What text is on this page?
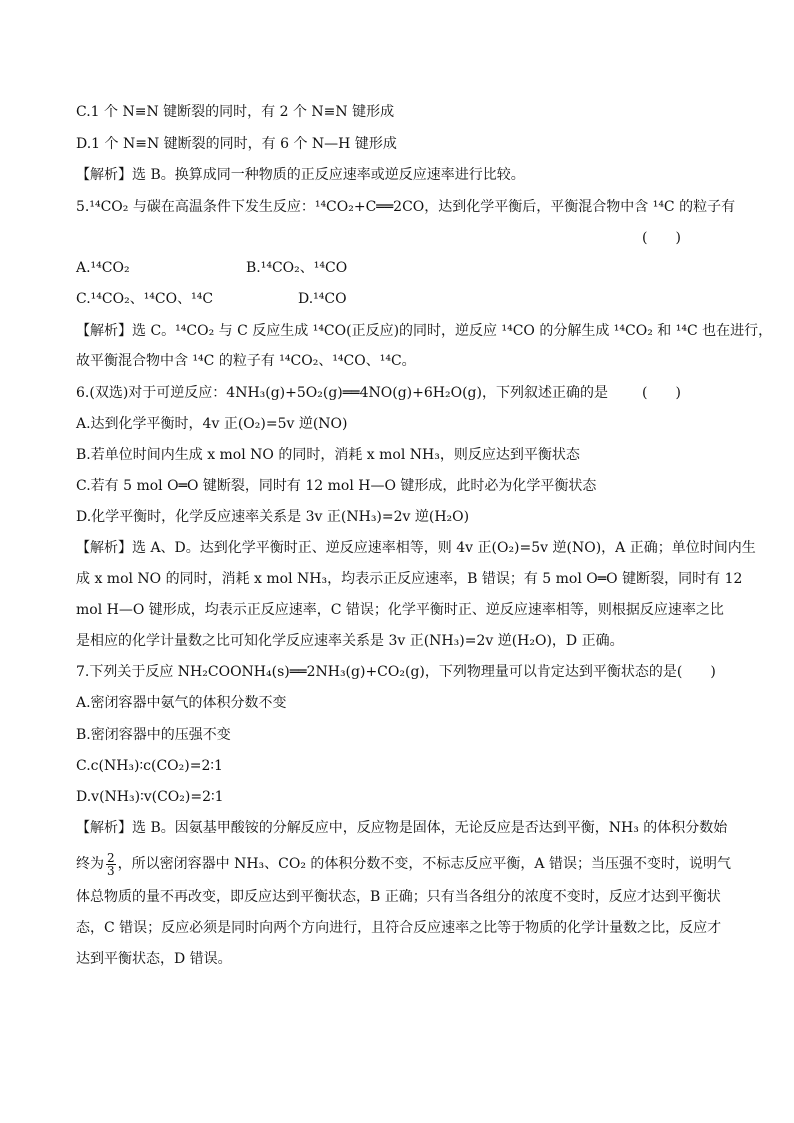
C.1 个 N≡N 键断裂的同时，有 2 个 N≡N 键形成
D.1 个 N≡N 键断裂的同时，有 6 个 N—H 键形成
【解析】选 B。换算成同一种物质的正反应速率或逆反应速率进行比较。
5.¹⁴CO₂ 与碳在高温条件下发生反应：¹⁴CO₂+C══2CO，达到化学平衡后，平衡混合物中含 ¹⁴C 的粒子有
(　　)
A.¹⁴CO₂	B.¹⁴CO₂、¹⁴CO
C.¹⁴CO₂、¹⁴CO、¹⁴C	D.¹⁴CO
【解析】选 C。¹⁴CO₂ 与 C 反应生成 ¹⁴CO(正反应)的同时，逆反应 ¹⁴CO 的分解生成 ¹⁴CO₂ 和 ¹⁴C 也在进行，
故平衡混合物中含 ¹⁴C 的粒子有 ¹⁴CO₂、¹⁴CO、¹⁴C。
6.(双选)对于可逆反应：4NH₃(g)+5O₂(g)══4NO(g)+6H₂O(g)，下列叙述正确的是	(　　)
A.达到化学平衡时，4v 正(O₂)=5v 逆(NO)
B.若单位时间内生成 x mol NO 的同时，消耗 x mol NH₃，则反应达到平衡状态
C.若有 5 mol O═O 键断裂，同时有 12 mol H—O 键形成，此时必为化学平衡状态
D.化学平衡时，化学反应速率关系是 3v 正(NH₃)=2v 逆(H₂O)
【解析】选 A、D。达到化学平衡时正、逆反应速率相等，则 4v 正(O₂)=5v 逆(NO)，A 正确；单位时间内生
成 x mol NO 的同时，消耗 x mol NH₃，均表示正反应速率，B 错误；有 5 mol O═O 键断裂，同时有 12
mol H—O 键形成，均表示正反应速率，C 错误；化学平衡时正、逆反应速率相等，则根据反应速率之比
是相应的化学计量数之比可知化学反应速率关系是 3v 正(NH₃)=2v 逆(H₂O)，D 正确。
7.下列关于反应 NH₂COONH₄(s)══2NH₃(g)+CO₂(g)，下列物理量可以肯定达到平衡状态的是(　　)
A.密闭容器中氨气的体积分数不变
B.密闭容器中的压强不变
C.c(NH₃)∶c(CO₂)=2∶1
D.v(NH₃)∶v(CO₂)=2∶1
【解析】选 B。因氨基甲酸铵的分解反应中，反应物是固体，无论反应是否达到平衡，NH₃ 的体积分数始
终为 $\frac{2}{3}$ ，所以密闭容器中 NH₃、CO₂ 的体积分数不变，不标志反应平衡，A 错误；当压强不变时，说明气
体总物质的量不再改变，即反应达到平衡状态，B 正确；只有当各组分的浓度不变时，反应才达到平衡状
态，C 错误；反应必须是同时向两个方向进行，且符合反应速率之比等于物质的化学计量数之比，反应才
达到平衡状态，D 错误。
